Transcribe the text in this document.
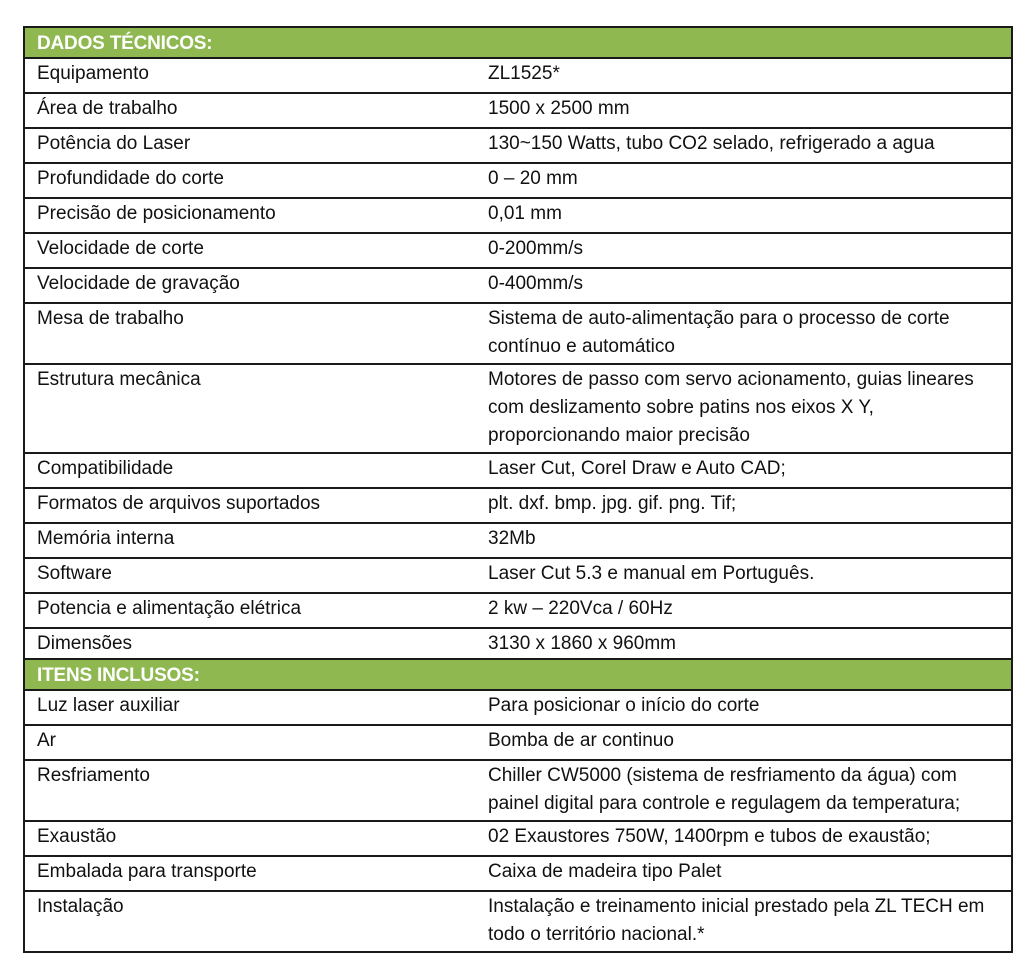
DADOS TÉCNICOS:	
Equipamento	ZL1525*
Área de trabalho	1500 x 2500 mm
Potência do Laser	130~150 Watts, tubo CO2 selado, refrigerado a agua
Profundidade do corte	0 – 20 mm
Precisão de posicionamento	0,01 mm
Velocidade de corte	0-200mm/s
Velocidade de gravação	0-400mm/s
Mesa de trabalho	Sistema de auto-alimentação para o processo de corte contínuo e automático
Estrutura mecânica	Motores de passo com servo acionamento, guias lineares com deslizamento sobre patins nos eixos X Y, proporcionando maior precisão
Compatibilidade	Laser Cut, Corel Draw e Auto CAD;
Formatos de arquivos suportados	plt. dxf. bmp. jpg. gif. png. Tif;
Memória interna	32Mb
Software	Laser Cut 5.3 e manual em Português.
Potencia e alimentação elétrica	2 kw – 220Vca / 60Hz
Dimensões	3130 x 1860 x 960mm
ITENS INCLUSOS:	
Luz laser auxiliar	Para posicionar o início do corte
Ar	Bomba de ar continuo
Resfriamento	Chiller CW5000 (sistema de resfriamento da água) com painel digital para controle e regulagem da temperatura;
Exaustão	02 Exaustores 750W, 1400rpm e tubos de exaustão;
Embalada para transporte	Caixa de madeira tipo Palet
Instalação	Instalação e treinamento inicial prestado pela ZL TECH em todo o território nacional.*
